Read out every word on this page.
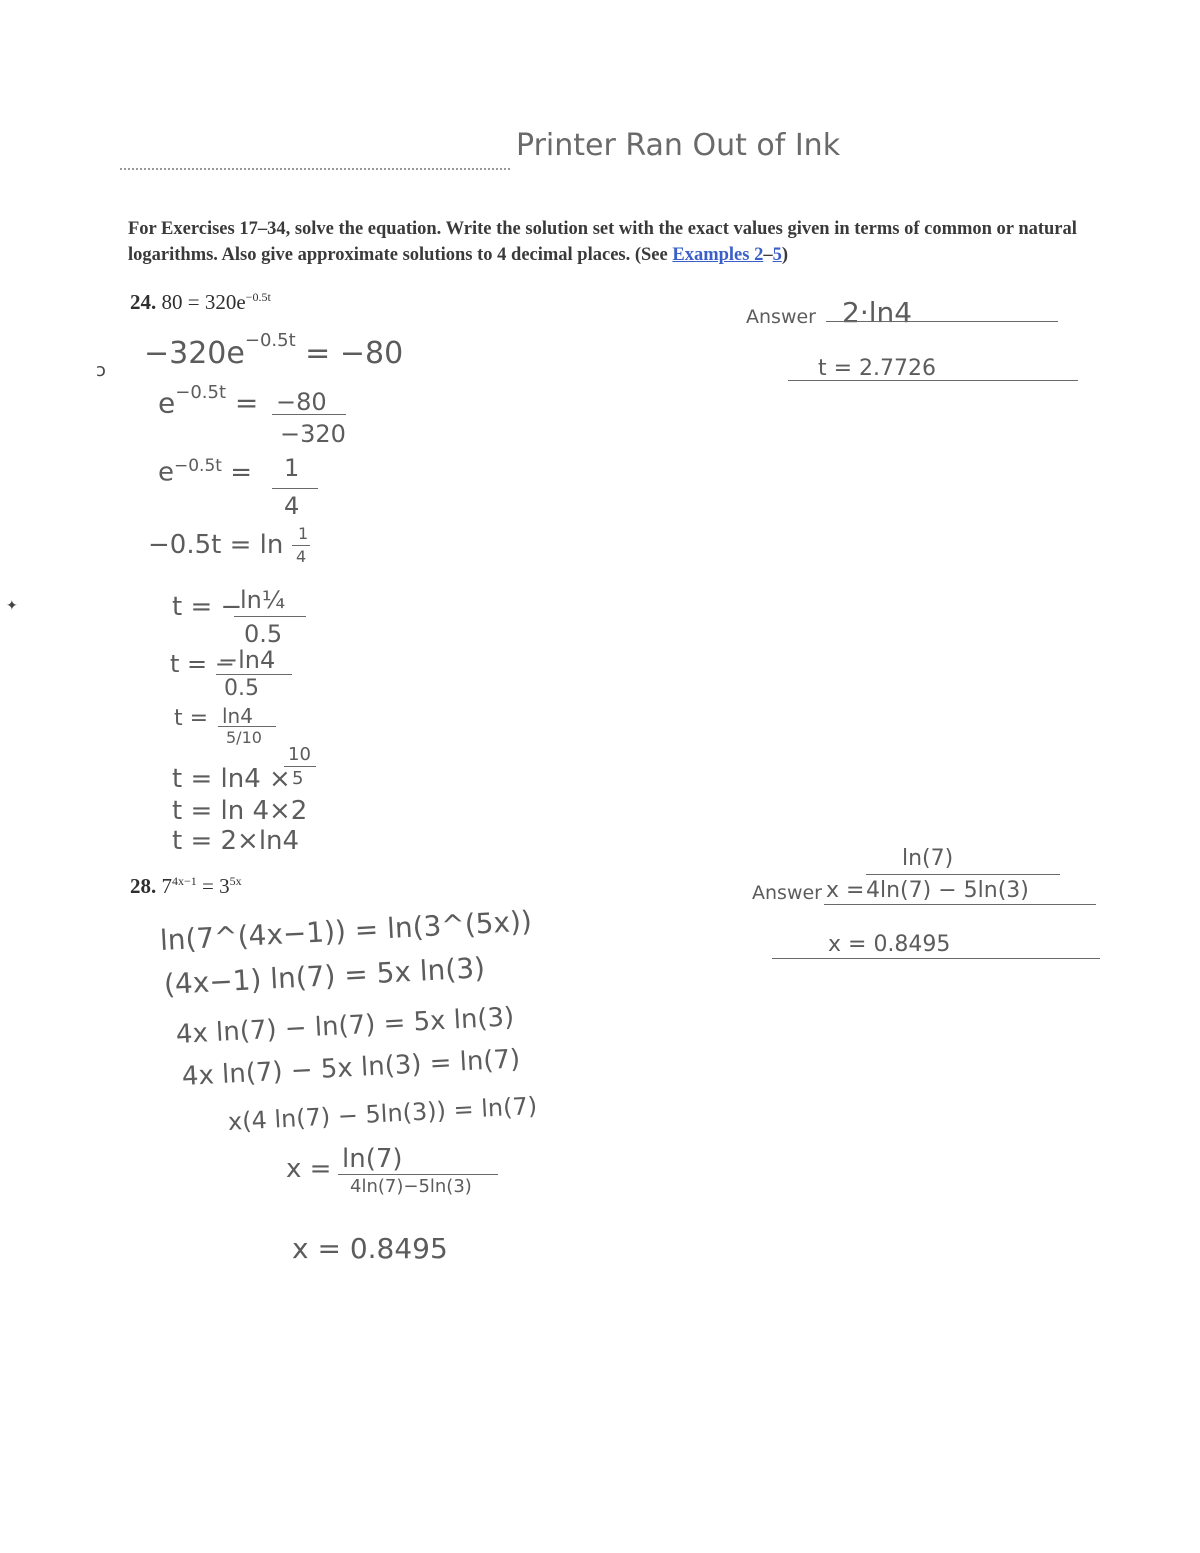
Printer Ran Out of Ink
For Exercises 17–34, solve the equation. Write the solution set with the exact values given in terms of common or natural logarithms. Also give approximate solutions to 4 decimal places. (See Examples 2–5)
24. $80 = 320e^{-0.5t}$
ↄ
✦
$-320e^{-0.5t} = -80$
$e^{-0.5t} = -80$
−320
$e^{-0.5t} = 1$
4
−0.5t = ln 1
4
t = −
ln¼
0.5
t = −
−ln4
0.5
t = ln4
5/10
t = ln4 ×
10
5
t = ln 4×2
t = 2×ln4
Answer 2·ln4
t = 2.7726
28. $7^{4x-1} = 3^{5x}$
ln(7^(4x−1)) = ln(3^(5x))
(4x−1) ln(7) = 5x ln(3)
4x ln(7) − ln(7) = 5x ln(3)
4x ln(7) − 5x ln(3) = ln(7)
x(4 ln(7) − 5ln(3)) = ln(7)
x = ln(7)
4ln(7)−5ln(3)
x = 0.8495
ln(7)
Answer x = 4ln(7) − 5ln(3)
x = 0.8495
